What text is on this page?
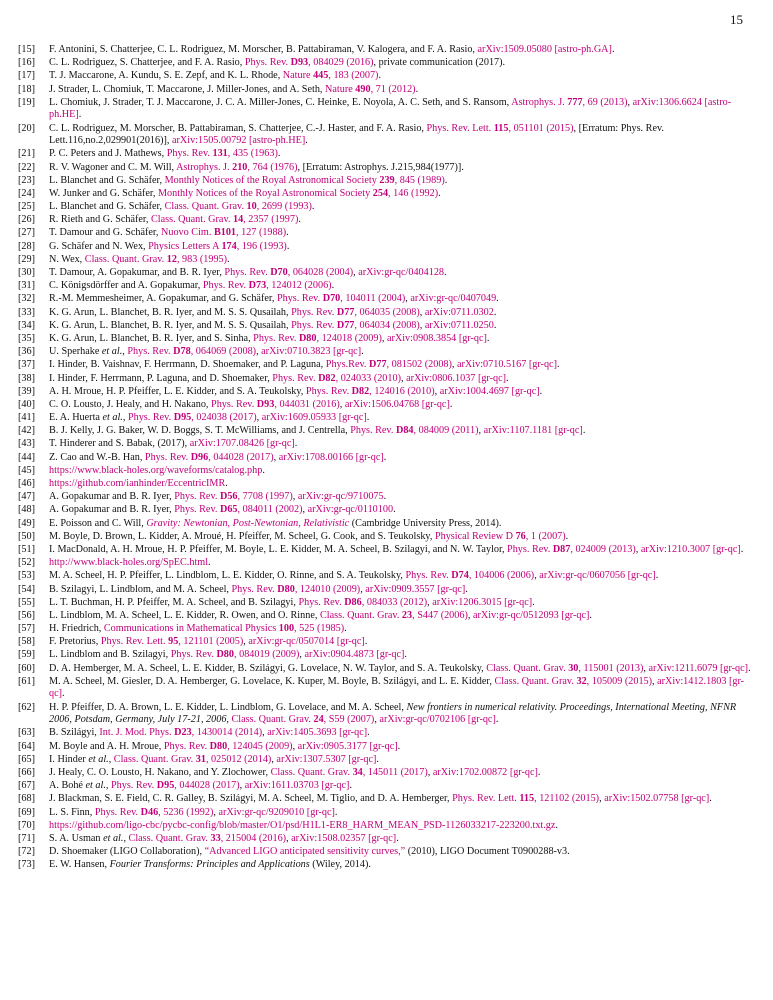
15
[15] F. Antonini, S. Chatterjee, C. L. Rodriguez, M. Morscher, B. Pattabiraman, V. Kalogera, and F. A. Rasio, arXiv:1509.05080 [astro-ph.GA].
[16] C. L. Rodriguez, S. Chatterjee, and F. A. Rasio, Phys. Rev. D93, 084029 (2016), private communication (2017).
[17] T. J. Maccarone, A. Kundu, S. E. Zepf, and K. L. Rhode, Nature 445, 183 (2007).
[18] J. Strader, L. Chomiuk, T. Maccarone, J. Miller-Jones, and A. Seth, Nature 490, 71 (2012).
[19] L. Chomiuk, J. Strader, T. J. Maccarone, J. C. A. Miller-Jones, C. Heinke, E. Noyola, A. C. Seth, and S. Ransom, Astrophys. J. 777, 69 (2013), arXiv:1306.6624 [astro-ph.HE].
[20] C. L. Rodriguez, M. Morscher, B. Pattabiraman, S. Chatterjee, C.-J. Haster, and F. A. Rasio, Phys. Rev. Lett. 115, 051101 (2015), [Erratum: Phys. Rev. Lett.116,no.2,029901(2016)], arXiv:1505.00792 [astro-ph.HE].
[21] P. C. Peters and J. Mathews, Phys. Rev. 131, 435 (1963).
[22] R. V. Wagoner and C. M. Will, Astrophys. J. 210, 764 (1976), [Erratum: Astrophys. J.215,984(1977)].
[23] L. Blanchet and G. Schäfer, Monthly Notices of the Royal Astronomical Society 239, 845 (1989).
[24] W. Junker and G. Schäfer, Monthly Notices of the Royal Astronomical Society 254, 146 (1992).
[25] L. Blanchet and G. Schäfer, Class. Quant. Grav. 10, 2699 (1993).
[26] R. Rieth and G. Schäfer, Class. Quant. Grav. 14, 2357 (1997).
[27] T. Damour and G. Schäfer, Nuovo Cim. B101, 127 (1988).
[28] G. Schäfer and N. Wex, Physics Letters A 174, 196 (1993).
[29] N. Wex, Class. Quant. Grav. 12, 983 (1995).
[30] T. Damour, A. Gopakumar, and B. R. Iyer, Phys. Rev. D70, 064028 (2004), arXiv:gr-qc/0404128.
[31] C. Königsdörffer and A. Gopakumar, Phys. Rev. D73, 124012 (2006).
[32] R.-M. Memmesheimer, A. Gopakumar, and G. Schäfer, Phys. Rev. D70, 104011 (2004), arXiv:gr-qc/0407049.
[33] K. G. Arun, L. Blanchet, B. R. Iyer, and M. S. S. Qusailah, Phys. Rev. D77, 064035 (2008), arXiv:0711.0302.
[34] K. G. Arun, L. Blanchet, B. R. Iyer, and M. S. S. Qusailah, Phys. Rev. D77, 064034 (2008), arXiv:0711.0250.
[35] K. G. Arun, L. Blanchet, B. R. Iyer, and S. Sinha, Phys. Rev. D80, 124018 (2009), arXiv:0908.3854 [gr-qc].
[36] U. Sperhake et al., Phys. Rev. D78, 064069 (2008), arXiv:0710.3823 [gr-qc].
[37] I. Hinder, B. Vaishnav, F. Herrmann, D. Shoemaker, and P. Laguna, Phys.Rev. D77, 081502 (2008), arXiv:0710.5167 [gr-qc].
[38] I. Hinder, F. Herrmann, P. Laguna, and D. Shoemaker, Phys. Rev. D82, 024033 (2010), arXiv:0806.1037 [gr-qc].
[39] A. H. Mroue, H. P. Pfeiffer, L. E. Kidder, and S. A. Teukolsky, Phys. Rev. D82, 124016 (2010), arXiv:1004.4697 [gr-qc].
[40] C. O. Lousto, J. Healy, and H. Nakano, Phys. Rev. D93, 044031 (2016), arXiv:1506.04768 [gr-qc].
[41] E. A. Huerta et al., Phys. Rev. D95, 024038 (2017), arXiv:1609.05933 [gr-qc].
[42] B. J. Kelly, J. G. Baker, W. D. Boggs, S. T. McWilliams, and J. Centrella, Phys. Rev. D84, 084009 (2011), arXiv:1107.1181 [gr-qc].
[43] T. Hinderer and S. Babak, (2017), arXiv:1707.08426 [gr-qc].
[44] Z. Cao and W.-B. Han, Phys. Rev. D96, 044028 (2017), arXiv:1708.00166 [gr-qc].
[45] https://www.black-holes.org/waveforms/catalog.php.
[46] https://github.com/ianhinder/EccentricIMR.
[47] A. Gopakumar and B. R. Iyer, Phys. Rev. D56, 7708 (1997), arXiv:gr-qc/9710075.
[48] A. Gopakumar and B. R. Iyer, Phys. Rev. D65, 084011 (2002), arXiv:gr-qc/0110100.
[49] E. Poisson and C. Will, Gravity: Newtonian, Post-Newtonian, Relativistic (Cambridge University Press, 2014).
[50] M. Boyle, D. Brown, L. Kidder, A. Mroué, H. Pfeiffer, M. Scheel, G. Cook, and S. Teukolsky, Physical Review D 76, 1 (2007).
[51] I. MacDonald, A. H. Mroue, H. P. Pfeiffer, M. Boyle, L. E. Kidder, M. A. Scheel, B. Szilagyi, and N. W. Taylor, Phys. Rev. D87, 024009 (2013), arXiv:1210.3007 [gr-qc].
[52] http://www.black-holes.org/SpEC.html.
[53] M. A. Scheel, H. P. Pfeiffer, L. Lindblom, L. E. Kidder, O. Rinne, and S. A. Teukolsky, Phys. Rev. D74, 104006 (2006), arXiv:gr-qc/0607056 [gr-qc].
[54] B. Szilagyi, L. Lindblom, and M. A. Scheel, Phys. Rev. D80, 124010 (2009), arXiv:0909.3557 [gr-qc].
[55] L. T. Buchman, H. P. Pfeiffer, M. A. Scheel, and B. Szilagyi, Phys. Rev. D86, 084033 (2012), arXiv:1206.3015 [gr-qc].
[56] L. Lindblom, M. A. Scheel, L. E. Kidder, R. Owen, and O. Rinne, Class. Quant. Grav. 23, S447 (2006), arXiv:gr-qc/0512093 [gr-qc].
[57] H. Friedrich, Communications in Mathematical Physics 100, 525 (1985).
[58] F. Pretorius, Phys. Rev. Lett. 95, 121101 (2005), arXiv:gr-qc/0507014 [gr-qc].
[59] L. Lindblom and B. Szilagyi, Phys. Rev. D80, 084019 (2009), arXiv:0904.4873 [gr-qc].
[60] D. A. Hemberger, M. A. Scheel, L. E. Kidder, B. Szilágyi, G. Lovelace, N. W. Taylor, and S. A. Teukolsky, Class. Quant. Grav. 30, 115001 (2013), arXiv:1211.6079 [gr-qc].
[61] M. A. Scheel, M. Giesler, D. A. Hemberger, G. Lovelace, K. Kuper, M. Boyle, B. Szilágyi, and L. E. Kidder, Class. Quant. Grav. 32, 105009 (2015), arXiv:1412.1803 [gr-qc].
[62] H. P. Pfeiffer, D. A. Brown, L. E. Kidder, L. Lindblom, G. Lovelace, and M. A. Scheel, New frontiers in numerical relativity. Proceedings, International Meeting, NFNR 2006, Potsdam, Germany, July 17-21, 2006, Class. Quant. Grav. 24, S59 (2007), arXiv:gr-qc/0702106 [gr-qc].
[63] B. Szilágyi, Int. J. Mod. Phys. D23, 1430014 (2014), arXiv:1405.3693 [gr-qc].
[64] M. Boyle and A. H. Mroue, Phys. Rev. D80, 124045 (2009), arXiv:0905.3177 [gr-qc].
[65] I. Hinder et al., Class. Quant. Grav. 31, 025012 (2014), arXiv:1307.5307 [gr-qc].
[66] J. Healy, C. O. Lousto, H. Nakano, and Y. Zlochower, Class. Quant. Grav. 34, 145011 (2017), arXiv:1702.00872 [gr-qc].
[67] A. Bohé et al., Phys. Rev. D95, 044028 (2017), arXiv:1611.03703 [gr-qc].
[68] J. Blackman, S. E. Field, C. R. Galley, B. Szilágyi, M. A. Scheel, M. Tiglio, and D. A. Hemberger, Phys. Rev. Lett. 115, 121102 (2015), arXiv:1502.07758 [gr-qc].
[69] L. S. Finn, Phys. Rev. D46, 5236 (1992), arXiv:gr-qc/9209010 [gr-qc].
[70] https://github.com/ligo-cbc/pycbc-config/blob/master/O1/psd/H1L1-ER8_HARM_MEAN_PSD-1126033217-223200.txt.gz.
[71] S. A. Usman et al., Class. Quant. Grav. 33, 215004 (2016), arXiv:1508.02357 [gr-qc].
[72] D. Shoemaker (LIGO Collaboration), “Advanced LIGO anticipated sensitivity curves,” (2010), LIGO Document T0900288-v3.
[73] E. W. Hansen, Fourier Transforms: Principles and Applications (Wiley, 2014).
